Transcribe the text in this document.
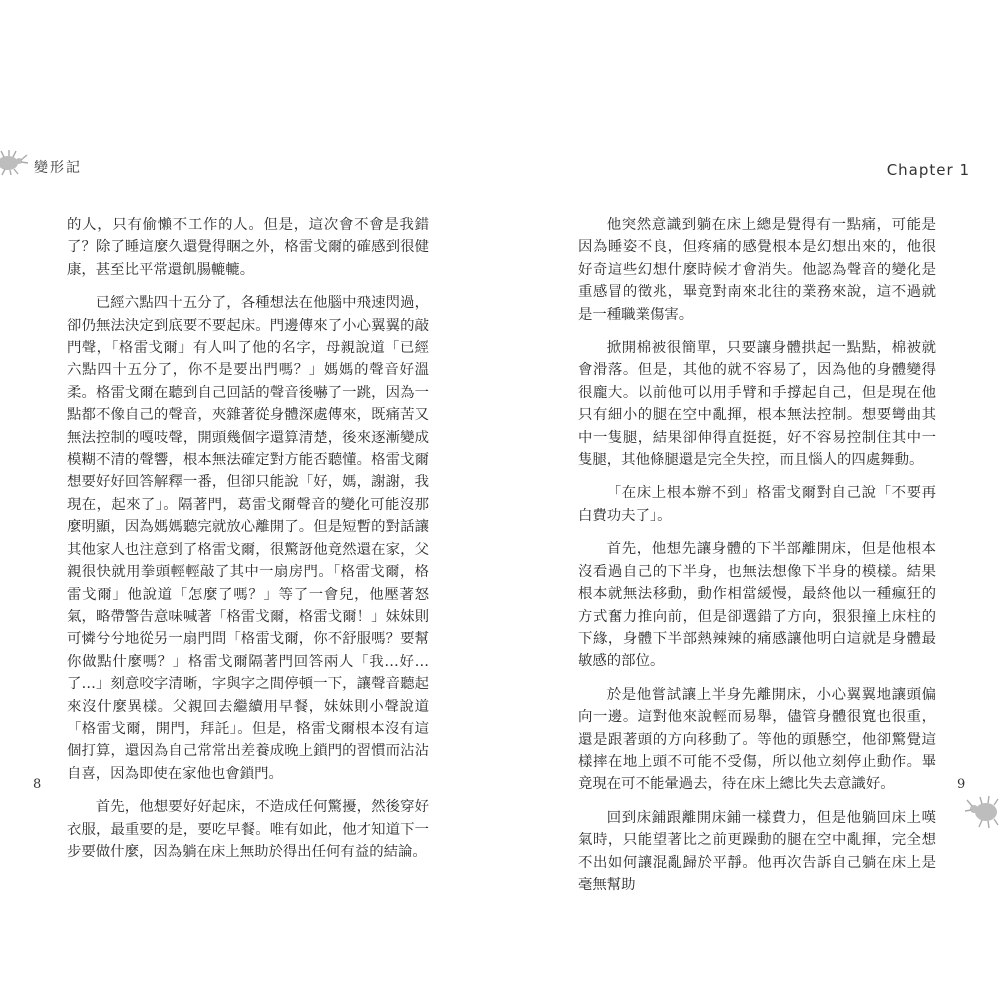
變形記

的人，只有偷懶不工作的人。但是，這次會不會是我錯了？除了睡這麼久還覺得睏之外，格雷戈爾的確感到很健康，甚至比平常還飢腸轆轆。

已經六點四十五分了，各種想法在他腦中飛速閃過，卻仍無法決定到底要不要起床。門邊傳來了小心翼翼的敲門聲，「格雷戈爾」有人叫了他的名字，母親說道「已經六點四十五分了，你不是要出門嗎？」媽媽的聲音好溫柔。格雷戈爾在聽到自己回話的聲音後嚇了一跳，因為一點都不像自己的聲音，夾雜著從身體深處傳來，既痛苦又無法控制的嘎吱聲，開頭幾個字還算清楚，後來逐漸變成模糊不清的聲響，根本無法確定對方能否聽懂。格雷戈爾想要好好回答解釋一番，但卻只能說「好，媽，謝謝，我現在，起來了」。隔著門，葛雷戈爾聲音的變化可能沒那麼明顯，因為媽媽聽完就放心離開了。但是短暫的對話讓其他家人也注意到了格雷戈爾，很驚訝他竟然還在家，父親很快就用拳頭輕輕敲了其中一扇房門。「格雷戈爾，格雷戈爾」他說道「怎麼了嗎？」等了一會兒，他壓著怒氣，略帶警告意味喊著「格雷戈爾，格雷戈爾！」妹妹則可憐兮兮地從另一扇門問「格雷戈爾，你不舒服嗎？要幫你做點什麼嗎？」格雷戈爾隔著門回答兩人「我…好…了…」刻意咬字清晰，字與字之間停頓一下，讓聲音聽起來沒什麼異樣。父親回去繼續用早餐，妹妹則小聲說道「格雷戈爾，開門，拜託」。但是，格雷戈爾根本沒有這個打算，還因為自己常常出差養成晚上鎖門的習慣而沾沾自喜，因為即使在家他也會鎖門。

首先，他想要好好起床，不造成任何驚擾，然後穿好衣服，最重要的是，要吃早餐。唯有如此，他才知道下一步要做什麼，因為躺在床上無助於得出任何有益的結論。

8
Chapter 1

他突然意識到躺在床上總是覺得有一點痛，可能是因為睡姿不良，但疼痛的感覺根本是幻想出來的，他很好奇這些幻想什麼時候才會消失。他認為聲音的變化是重感冒的徵兆，畢竟對南來北往的業務來說，這不過就是一種職業傷害。

掀開棉被很簡單，只要讓身體拱起一點點，棉被就會滑落。但是，其他的就不容易了，因為他的身體變得很龐大。以前他可以用手臂和手撐起自己，但是現在他只有細小的腿在空中亂揮，根本無法控制。想要彎曲其中一隻腿，結果卻伸得直挺挺，好不容易控制住其中一隻腿，其他條腿還是完全失控，而且惱人的四處舞動。

「在床上根本辦不到」格雷戈爾對自己說「不要再白費功夫了」。

首先，他想先讓身體的下半部離開床，但是他根本沒看過自己的下半身，也無法想像下半身的模樣。結果根本就無法移動，動作相當緩慢，最終他以一種瘋狂的方式奮力推向前，但是卻選錯了方向，狠狠撞上床柱的下緣，身體下半部熱辣辣的痛感讓他明白這就是身體最敏感的部位。

於是他嘗試讓上半身先離開床，小心翼翼地讓頭偏向一邊。這對他來說輕而易舉，儘管身體很寬也很重，還是跟著頭的方向移動了。等他的頭懸空，他卻驚覺這樣摔在地上頭不可能不受傷，所以他立刻停止動作。畢竟現在可不能暈過去，待在床上總比失去意識好。

回到床鋪跟離開床鋪一樣費力，但是他躺回床上嘆氣時，只能望著比之前更躁動的腿在空中亂揮，完全想不出如何讓混亂歸於平靜。他再次告訴自己躺在床上是毫無幫助

9
